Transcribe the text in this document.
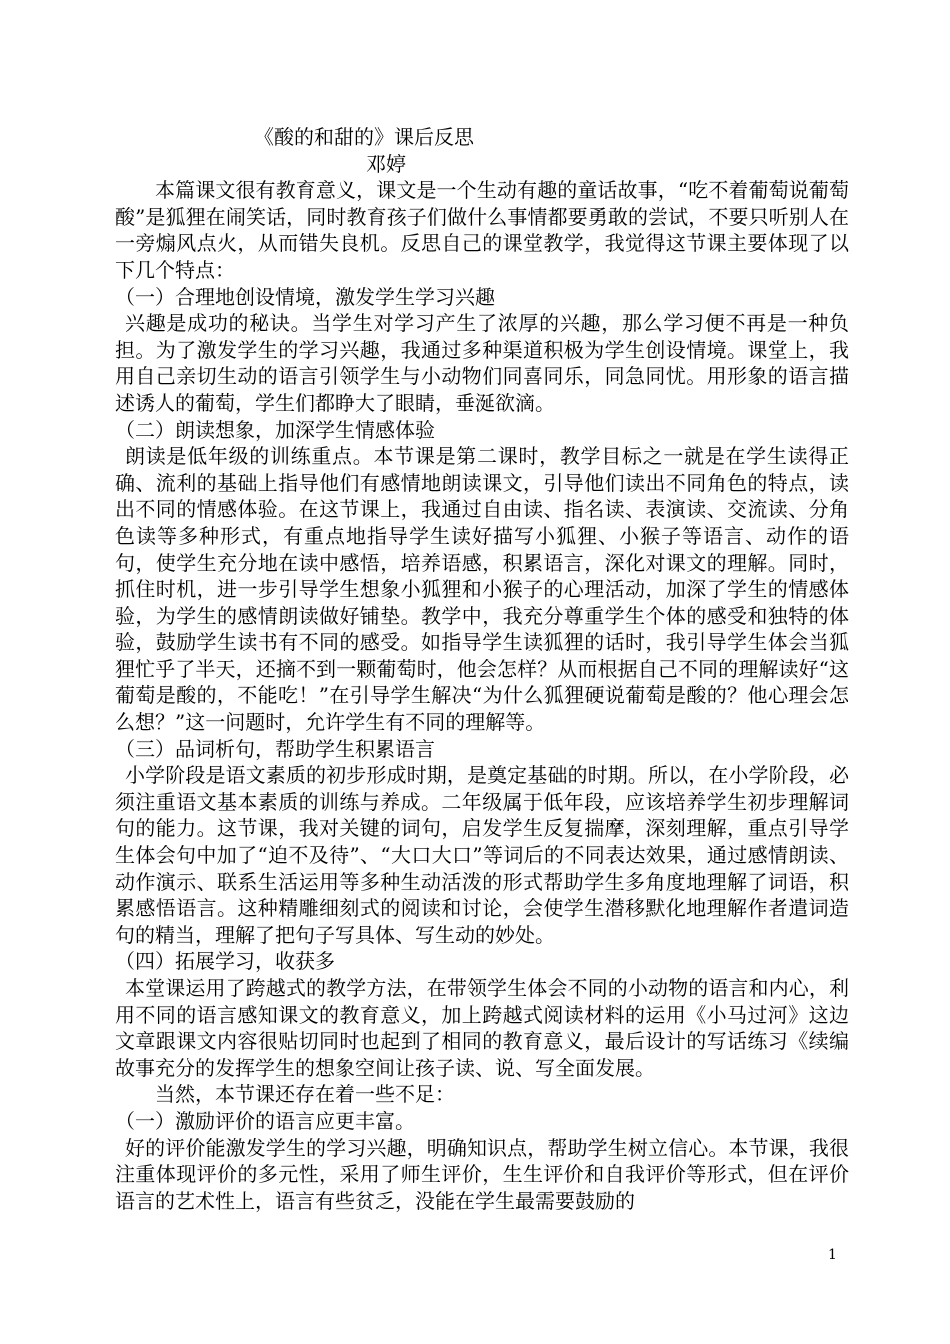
《酸的和甜的》课后反思

邓婷

本篇课文很有教育意义，课文是一个生动有趣的童话故事，“吃不着葡萄说葡萄酸”是狐狸在闹笑话，同时教育孩子们做什么事情都要勇敢的尝试，不要只听别人在一旁煽风点火，从而错失良机。反思自己的课堂教学，我觉得这节课主要体现了以下几个特点：

（一）合理地创设情境，激发学生学习兴趣

兴趣是成功的秘诀。当学生对学习产生了浓厚的兴趣，那么学习便不再是一种负担。为了激发学生的学习兴趣，我通过多种渠道积极为学生创设情境。课堂上，我用自己亲切生动的语言引领学生与小动物们同喜同乐，同急同忧。用形象的语言描述诱人的葡萄，学生们都睁大了眼睛，垂涎欲滴。

（二）朗读想象，加深学生情感体验

朗读是低年级的训练重点。本节课是第二课时，教学目标之一就是在学生读得正确、流利的基础上指导他们有感情地朗读课文，引导他们读出不同角色的特点，读出不同的情感体验。在这节课上，我通过自由读、指名读、表演读、交流读、分角色读等多种形式，有重点地指导学生读好描写小狐狸、小猴子等语言、动作的语句，使学生充分地在读中感悟，培养语感，积累语言，深化对课文的理解。同时，抓住时机，进一步引导学生想象小狐狸和小猴子的心理活动，加深了学生的情感体验，为学生的感情朗读做好铺垫。教学中，我充分尊重学生个体的感受和独特的体验，鼓励学生读书有不同的感受。如指导学生读狐狸的话时，我引导学生体会当狐狸忙乎了半天，还摘不到一颗葡萄时，他会怎样？从而根据自己不同的理解读好“这葡萄是酸的，不能吃！”在引导学生解决“为什么狐狸硬说葡萄是酸的？他心理会怎么想？”这一问题时，允许学生有不同的理解等。

（三）品词析句，帮助学生积累语言

小学阶段是语文素质的初步形成时期，是奠定基础的时期。所以，在小学阶段，必须注重语文基本素质的训练与养成。二年级属于低年段，应该培养学生初步理解词句的能力。这节课，我对关键的词句，启发学生反复揣摩，深刻理解，重点引导学生体会句中加了“迫不及待”、“大口大口”等词后的不同表达效果，通过感情朗读、动作演示、联系生活运用等多种生动活泼的形式帮助学生多角度地理解了词语，积累感悟语言。这种精雕细刻式的阅读和讨论，会使学生潜移默化地理解作者遣词造句的精当，理解了把句子写具体、写生动的妙处。

（四）拓展学习，收获多

本堂课运用了跨越式的教学方法，在带领学生体会不同的小动物的语言和内心，利用不同的语言感知课文的教育意义，加上跨越式阅读材料的运用《小马过河》这边文章跟课文内容很贴切同时也起到了相同的教育意义，最后设计的写话练习《续编故事充分的发挥学生的想象空间让孩子读、说、写全面发展。

当然，本节课还存在着一些不足：

（一）激励评价的语言应更丰富。

好的评价能激发学生的学习兴趣，明确知识点，帮助学生树立信心。本节课，我很注重体现评价的多元性，采用了师生评价，生生评价和自我评价等形式，但在评价语言的艺术性上，语言有些贫乏，没能在学生最需要鼓励的

1
